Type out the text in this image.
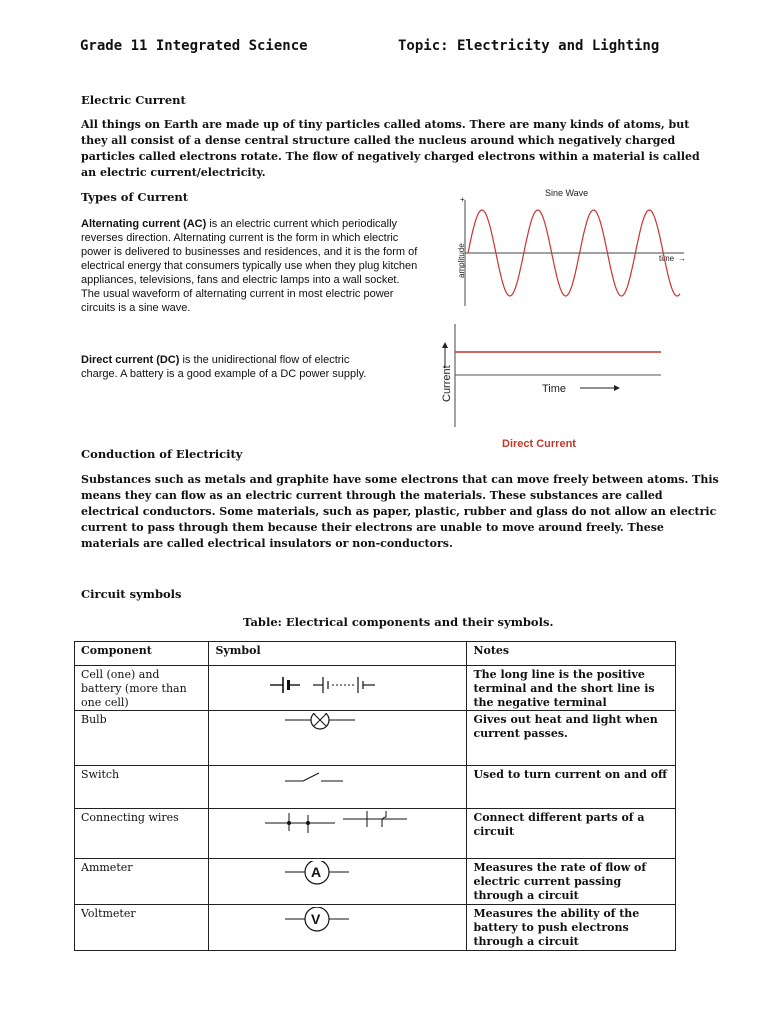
Grade 11 Integrated Science	Topic: Electricity and Lighting
Electric Current
All things on Earth are made up of tiny particles called atoms. There are many kinds of atoms, but they all consist of a dense central structure called the nucleus around which negatively charged particles called electrons rotate. The flow of negatively charged electrons within a material is called an electric current/electricity.
Types of Current
Alternating current (AC) is an electric current which periodically reverses direction. Alternating current is the form in which electric power is delivered to businesses and residences, and it is the form of electrical energy that consumers typically use when they plug kitchen appliances, televisions, fans and electric lamps into a wall socket. The usual waveform of alternating current in most electric power circuits is a sine wave.
Direct current (DC) is the unidirectional flow of electric charge. A battery is a good example of a DC power supply.
Sine Wave
+
amplitude	time →
Current	Time
Direct Current
Conduction of Electricity
Substances such as metals and graphite have some electrons that can move freely between atoms. This means they can flow as an electric current through the materials. These substances are called electrical conductors. Some materials, such as paper, plastic, rubber and glass do not allow an electric current to pass through them because their electrons are unable to move around freely. These materials are called electrical insulators or non-conductors.
Circuit symbols
Table: Electrical components and their symbols.
Component	Symbol	Notes
Cell (one) and battery (more than one cell)		The long line is the positive terminal and the short line is the negative terminal
Bulb		Gives out heat and light when current passes.
Switch		Used to turn current on and off
Connecting wires		Connect different parts of a circuit
Ammeter	A	Measures the rate of flow of electric current passing through a circuit
Voltmeter	V	Measures the ability of the battery to push electrons through a circuit
